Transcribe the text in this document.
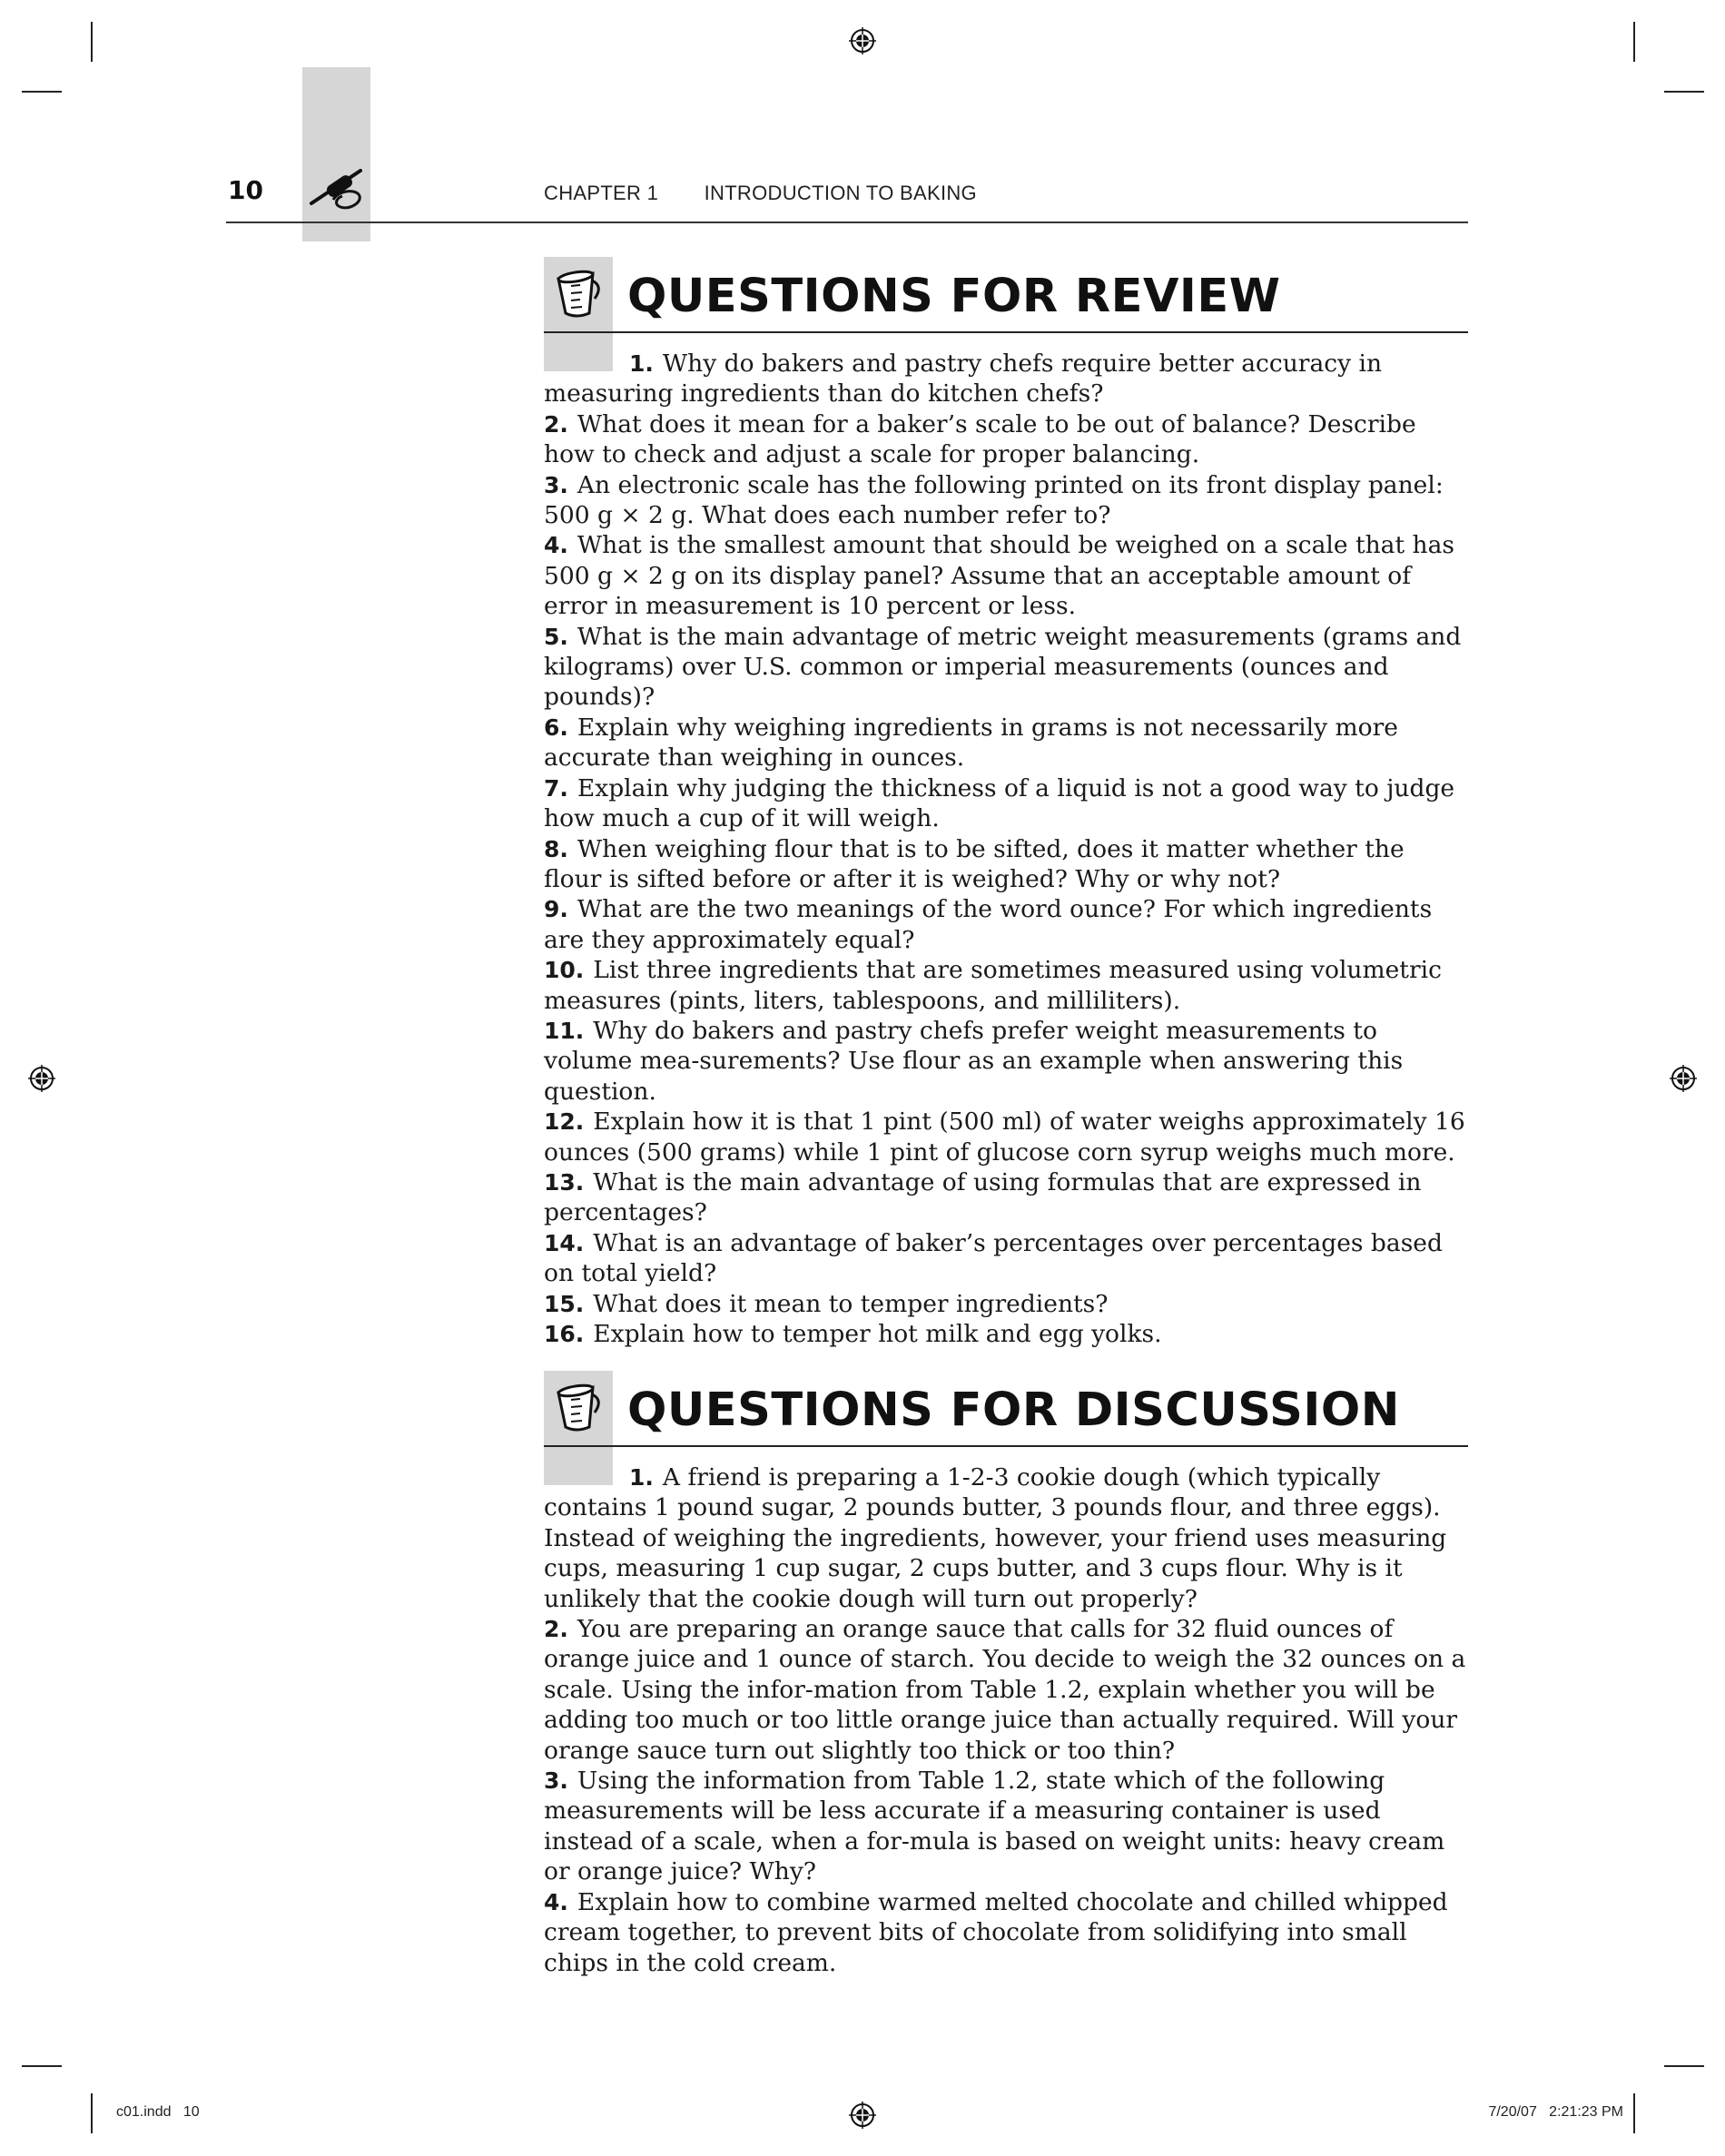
10	CHAPTER 1 INTRODUCTION TO BAKING
QUESTIONS FOR REVIEW
1. Why do bakers and pastry chefs require better accuracy in measuring ingredients than do kitchen chefs?
2. What does it mean for a baker’s scale to be out of balance? Describe how to check and adjust a scale for proper balancing.
3. An electronic scale has the following printed on its front display panel: 500 g × 2 g. What does each number refer to?
4. What is the smallest amount that should be weighed on a scale that has 500 g × 2 g on its display panel? Assume that an acceptable amount of error in measurement is 10 percent or less.
5. What is the main advantage of metric weight measurements (grams and kilograms) over U.S. common or imperial measurements (ounces and pounds)?
6. Explain why weighing ingredients in grams is not necessarily more accurate than weighing in ounces.
7. Explain why judging the thickness of a liquid is not a good way to judge how much a cup of it will weigh.
8. When weighing flour that is to be sifted, does it matter whether the flour is sifted before or after it is weighed? Why or why not?
9. What are the two meanings of the word ounce? For which ingredients are they approximately equal?
10. List three ingredients that are sometimes measured using volumetric measures (pints, liters, tablespoons, and milliliters).
11. Why do bakers and pastry chefs prefer weight measurements to volume mea-surements? Use flour as an example when answering this question.
12. Explain how it is that 1 pint (500 ml) of water weighs approximately 16 ounces (500 grams) while 1 pint of glucose corn syrup weighs much more.
13. What is the main advantage of using formulas that are expressed in percentages?
14. What is an advantage of baker’s percentages over percentages based on total yield?
15. What does it mean to temper ingredients?
16. Explain how to temper hot milk and egg yolks.
QUESTIONS FOR DISCUSSION
1. A friend is preparing a 1-2-3 cookie dough (which typically contains 1 pound sugar, 2 pounds butter, 3 pounds flour, and three eggs). Instead of weighing the ingredients, however, your friend uses measuring cups, measuring 1 cup sugar, 2 cups butter, and 3 cups flour. Why is it unlikely that the cookie dough will turn out properly?
2. You are preparing an orange sauce that calls for 32 fluid ounces of orange juice and 1 ounce of starch. You decide to weigh the 32 ounces on a scale. Using the infor-mation from Table 1.2, explain whether you will be adding too much or too little orange juice than actually required. Will your orange sauce turn out slightly too thick or too thin?
3. Using the information from Table 1.2, state which of the following measurements will be less accurate if a measuring container is used instead of a scale, when a for-mula is based on weight units: heavy cream or orange juice? Why?
4. Explain how to combine warmed melted chocolate and chilled whipped cream together, to prevent bits of chocolate from solidifying into small chips in the cold cream.
c01.indd   10	7/20/07   2:21:23 PM
